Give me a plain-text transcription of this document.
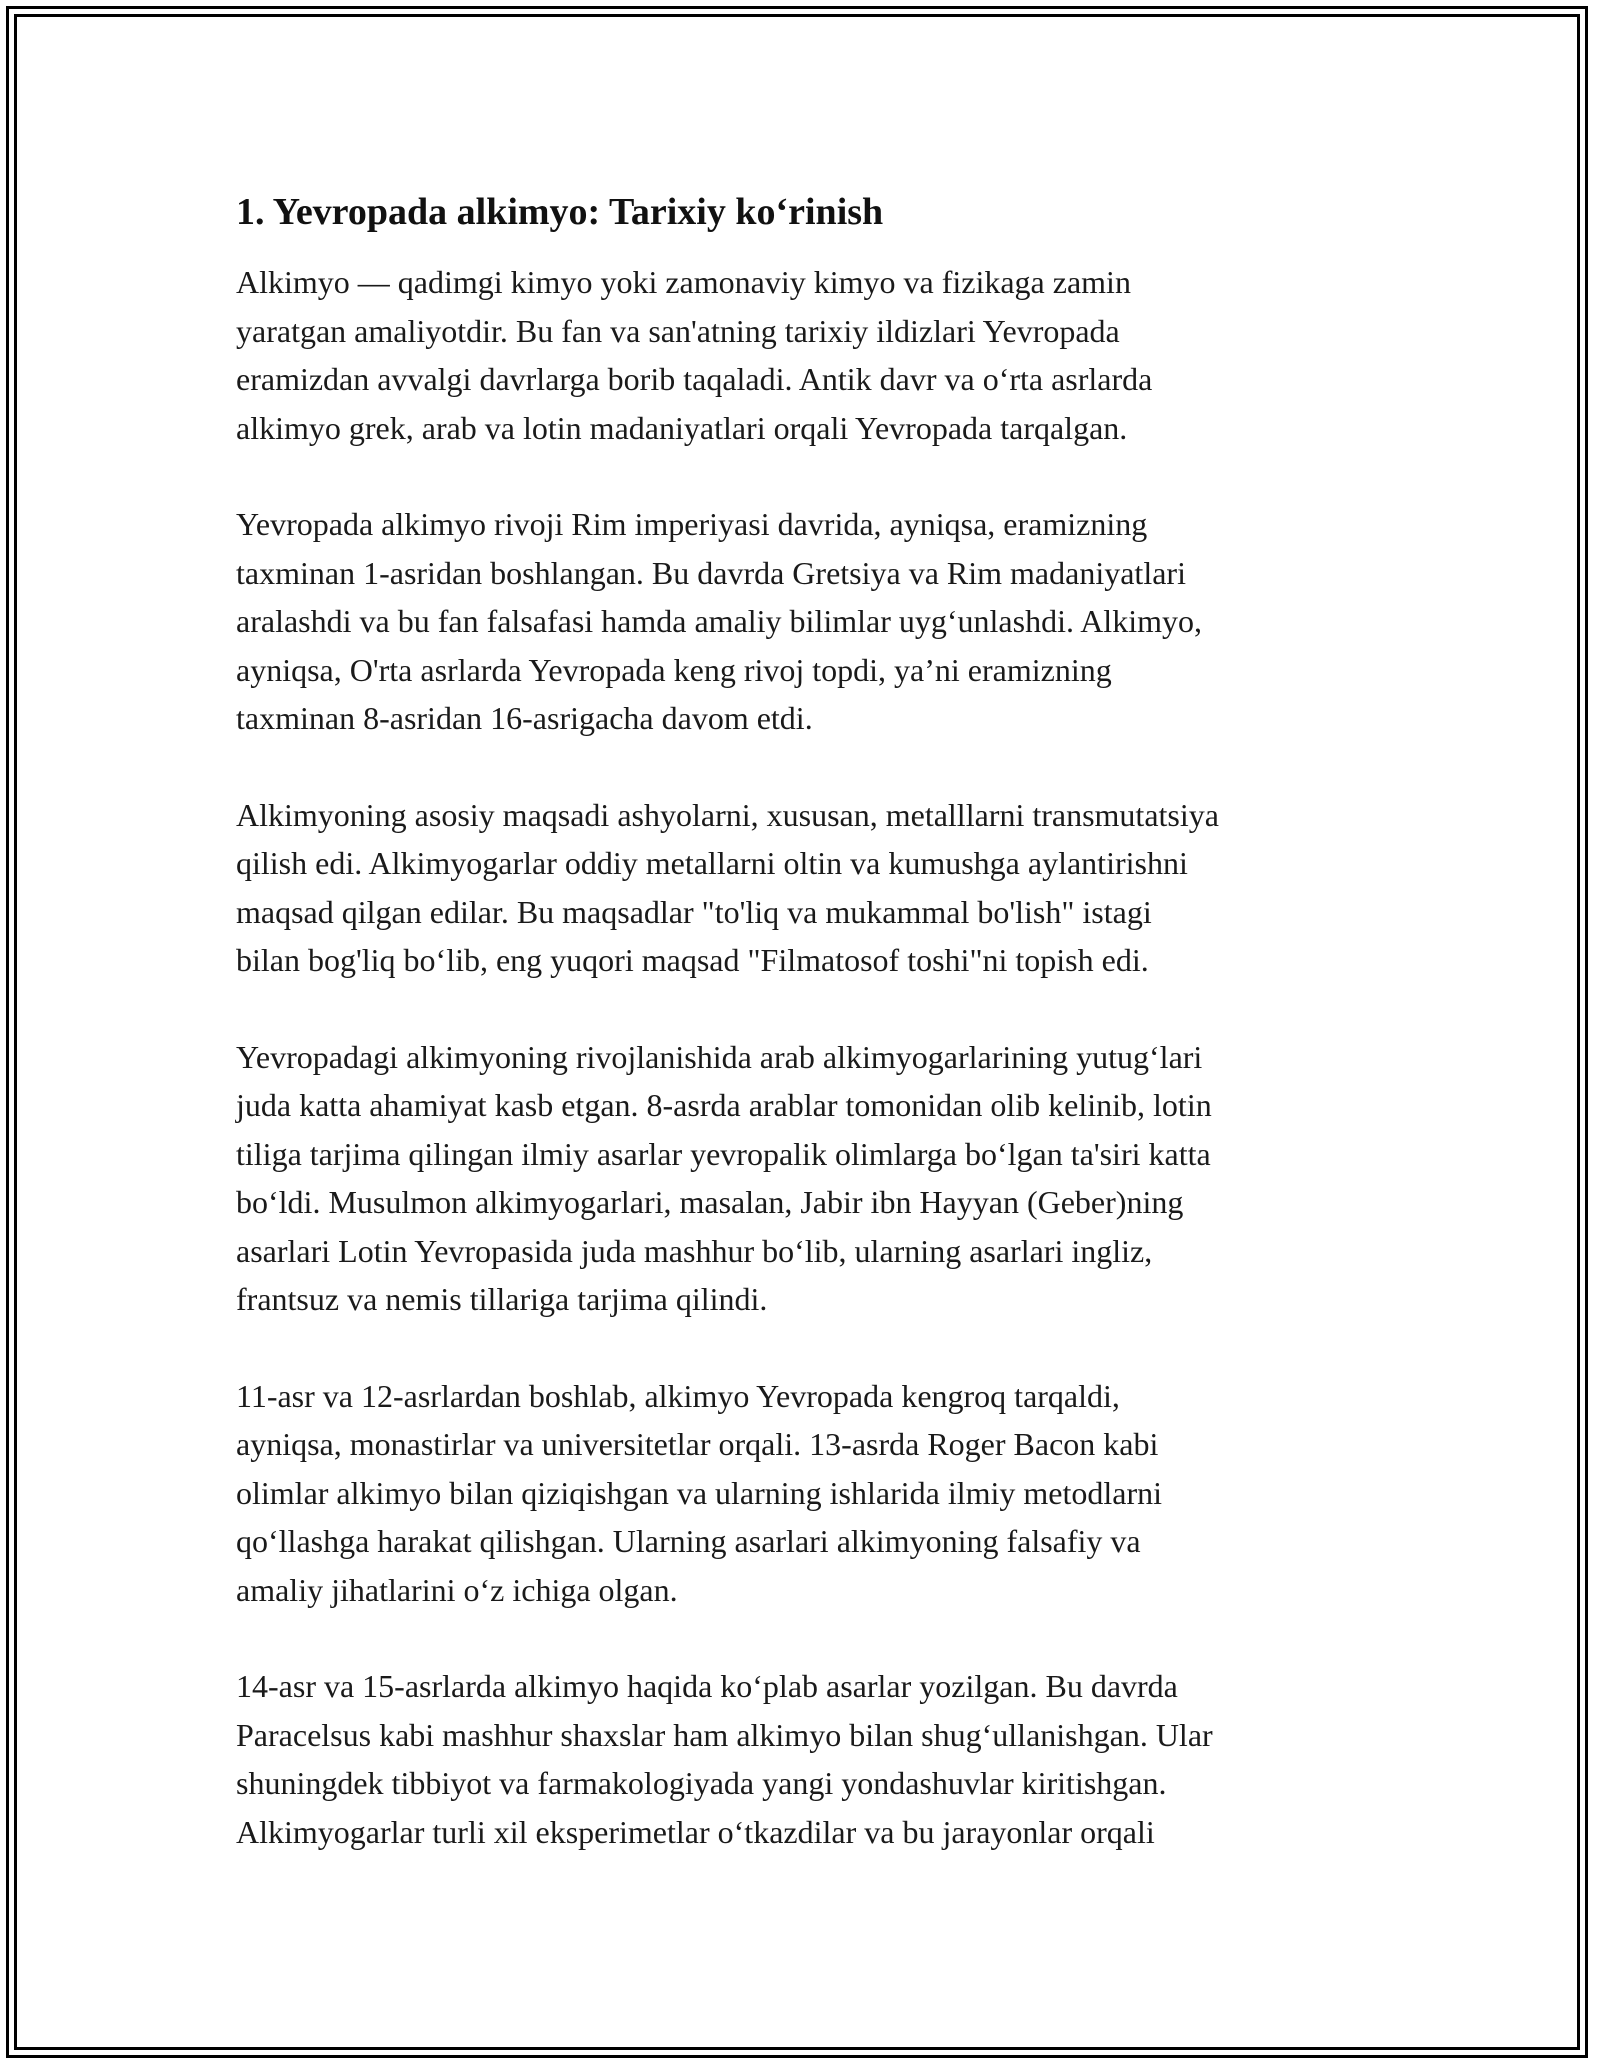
1. Yevropada alkimyo: Tarixiy ko‘rinish

Alkimyo — qadimgi kimyo yoki zamonaviy kimyo va fizikaga zamin
yaratgan amaliyotdir. Bu fan va san'atning tarixiy ildizlari Yevropada
eramizdan avvalgi davrlarga borib taqaladi. Antik davr va o‘rta asrlarda
alkimyo grek, arab va lotin madaniyatlari orqali Yevropada tarqalgan.

Yevropada alkimyo rivoji Rim imperiyasi davrida, ayniqsa, eramizning
taxminan 1-asridan boshlangan. Bu davrda Gretsiya va Rim madaniyatlari
aralashdi va bu fan falsafasi hamda amaliy bilimlar uyg‘unlashdi. Alkimyo,
ayniqsa, O'rta asrlarda Yevropada keng rivoj topdi, ya’ni eramizning
taxminan 8-asridan 16-asrigacha davom etdi.

Alkimyoning asosiy maqsadi ashyolarni, xususan, metalllarni transmutatsiya
qilish edi. Alkimyogarlar oddiy metallarni oltin va kumushga aylantirishni
maqsad qilgan edilar. Bu maqsadlar "to'liq va mukammal bo'lish" istagi
bilan bog'liq bo‘lib, eng yuqori maqsad "Filmatosof toshi"ni topish edi.

Yevropadagi alkimyoning rivojlanishida arab alkimyogarlarining yutug‘lari
juda katta ahamiyat kasb etgan. 8-asrda arablar tomonidan olib kelinib, lotin
tiliga tarjima qilingan ilmiy asarlar yevropalik olimlarga bo‘lgan ta'siri katta
bo‘ldi. Musulmon alkimyogarlari, masalan, Jabir ibn Hayyan (Geber)ning
asarlari Lotin Yevropasida juda mashhur bo‘lib, ularning asarlari ingliz,
frantsuz va nemis tillariga tarjima qilindi.

11-asr va 12-asrlardan boshlab, alkimyo Yevropada kengroq tarqaldi,
ayniqsa, monastirlar va universitetlar orqali. 13-asrda Roger Bacon kabi
olimlar alkimyo bilan qiziqishgan va ularning ishlarida ilmiy metodlarni
qo‘llashga harakat qilishgan. Ularning asarlari alkimyoning falsafiy va
amaliy jihatlarini o‘z ichiga olgan.

14-asr va 15-asrlarda alkimyo haqida ko‘plab asarlar yozilgan. Bu davrda
Paracelsus kabi mashhur shaxslar ham alkimyo bilan shug‘ullanishgan. Ular
shuningdek tibbiyot va farmakologiyada yangi yondashuvlar kiritishgan.
Alkimyogarlar turli xil eksperimetlar o‘tkazdilar va bu jarayonlar orqali
